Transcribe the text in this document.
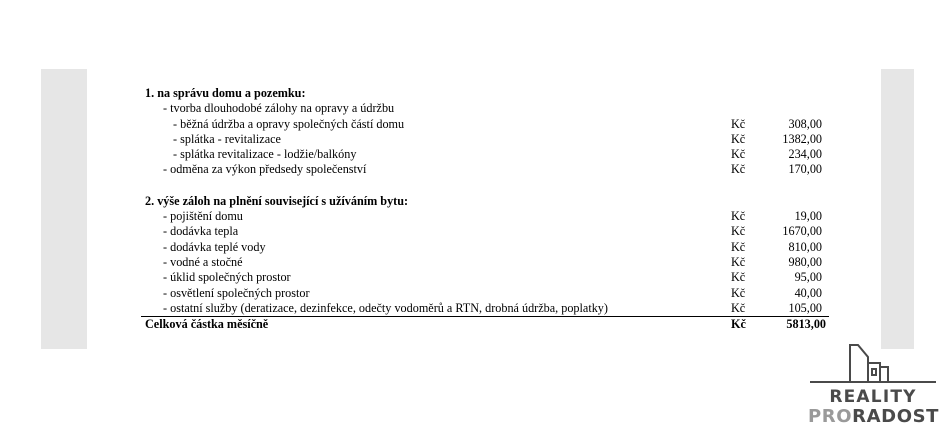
1. na správu domu a pozemku:
- tvorba dlouhodobé zálohy na opravy a údržbu
- běžná údržba a opravy společných částí domu	Kč	308,00
- splátka - revitalizace	Kč	1382,00
- splátka revitalizace - lodžie/balkóny	Kč	234,00
- odměna za výkon předsedy společenství	Kč	170,00
2. výše záloh na plnění související s užíváním bytu:
- pojištění domu	Kč	19,00
- dodávka tepla	Kč	1670,00
- dodávka teplé vody	Kč	810,00
- vodné a stočné	Kč	980,00
- úklid společných prostor	Kč	95,00
- osvětlení společných prostor	Kč	40,00
- ostatní služby (deratizace, dezinfekce, odečty vodoměrů a RTN, drobná údržba, poplatky)	Kč	105,00
Celková částka měsíčně	Kč	5813,00
REALITY
PRORADOST
